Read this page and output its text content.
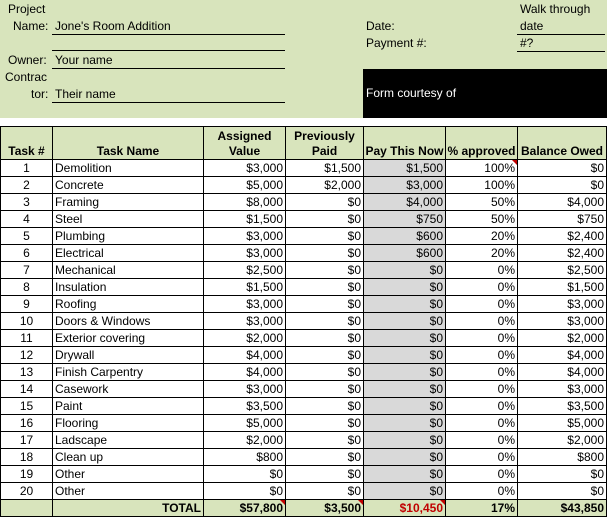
Project
Name: Jone's Room Addition
Owner: Your name
Contrac
tor: Their name
Date:
Payment #:
Walk through
date
#?
Form courtesy of
Task #	Task Name	Assigned Value	Previously Paid	Pay This Now	% approved	Balance Owed
1	Demolition	$3,000	$1,500	$1,500	100%	$0
2	Concrete	$5,000	$2,000	$3,000	100%	$0
3	Framing	$8,000	$0	$4,000	50%	$4,000
4	Steel	$1,500	$0	$750	50%	$750
5	Plumbing	$3,000	$0	$600	20%	$2,400
6	Electrical	$3,000	$0	$600	20%	$2,400
7	Mechanical	$2,500	$0	$0	0%	$2,500
8	Insulation	$1,500	$0	$0	0%	$1,500
9	Roofing	$3,000	$0	$0	0%	$3,000
10	Doors & Windows	$3,000	$0	$0	0%	$3,000
11	Exterior covering	$2,000	$0	$0	0%	$2,000
12	Drywall	$4,000	$0	$0	0%	$4,000
13	Finish Carpentry	$4,000	$0	$0	0%	$4,000
14	Casework	$3,000	$0	$0	0%	$3,000
15	Paint	$3,500	$0	$0	0%	$3,500
16	Flooring	$5,000	$0	$0	0%	$5,000
17	Ladscape	$2,000	$0	$0	0%	$2,000
18	Clean up	$800	$0	$0	0%	$800
19	Other	$0	$0	$0	0%	$0
20	Other	$0	$0	$0	0%	$0
	TOTAL	$57,800	$3,500	$10,450	17%	$43,850
